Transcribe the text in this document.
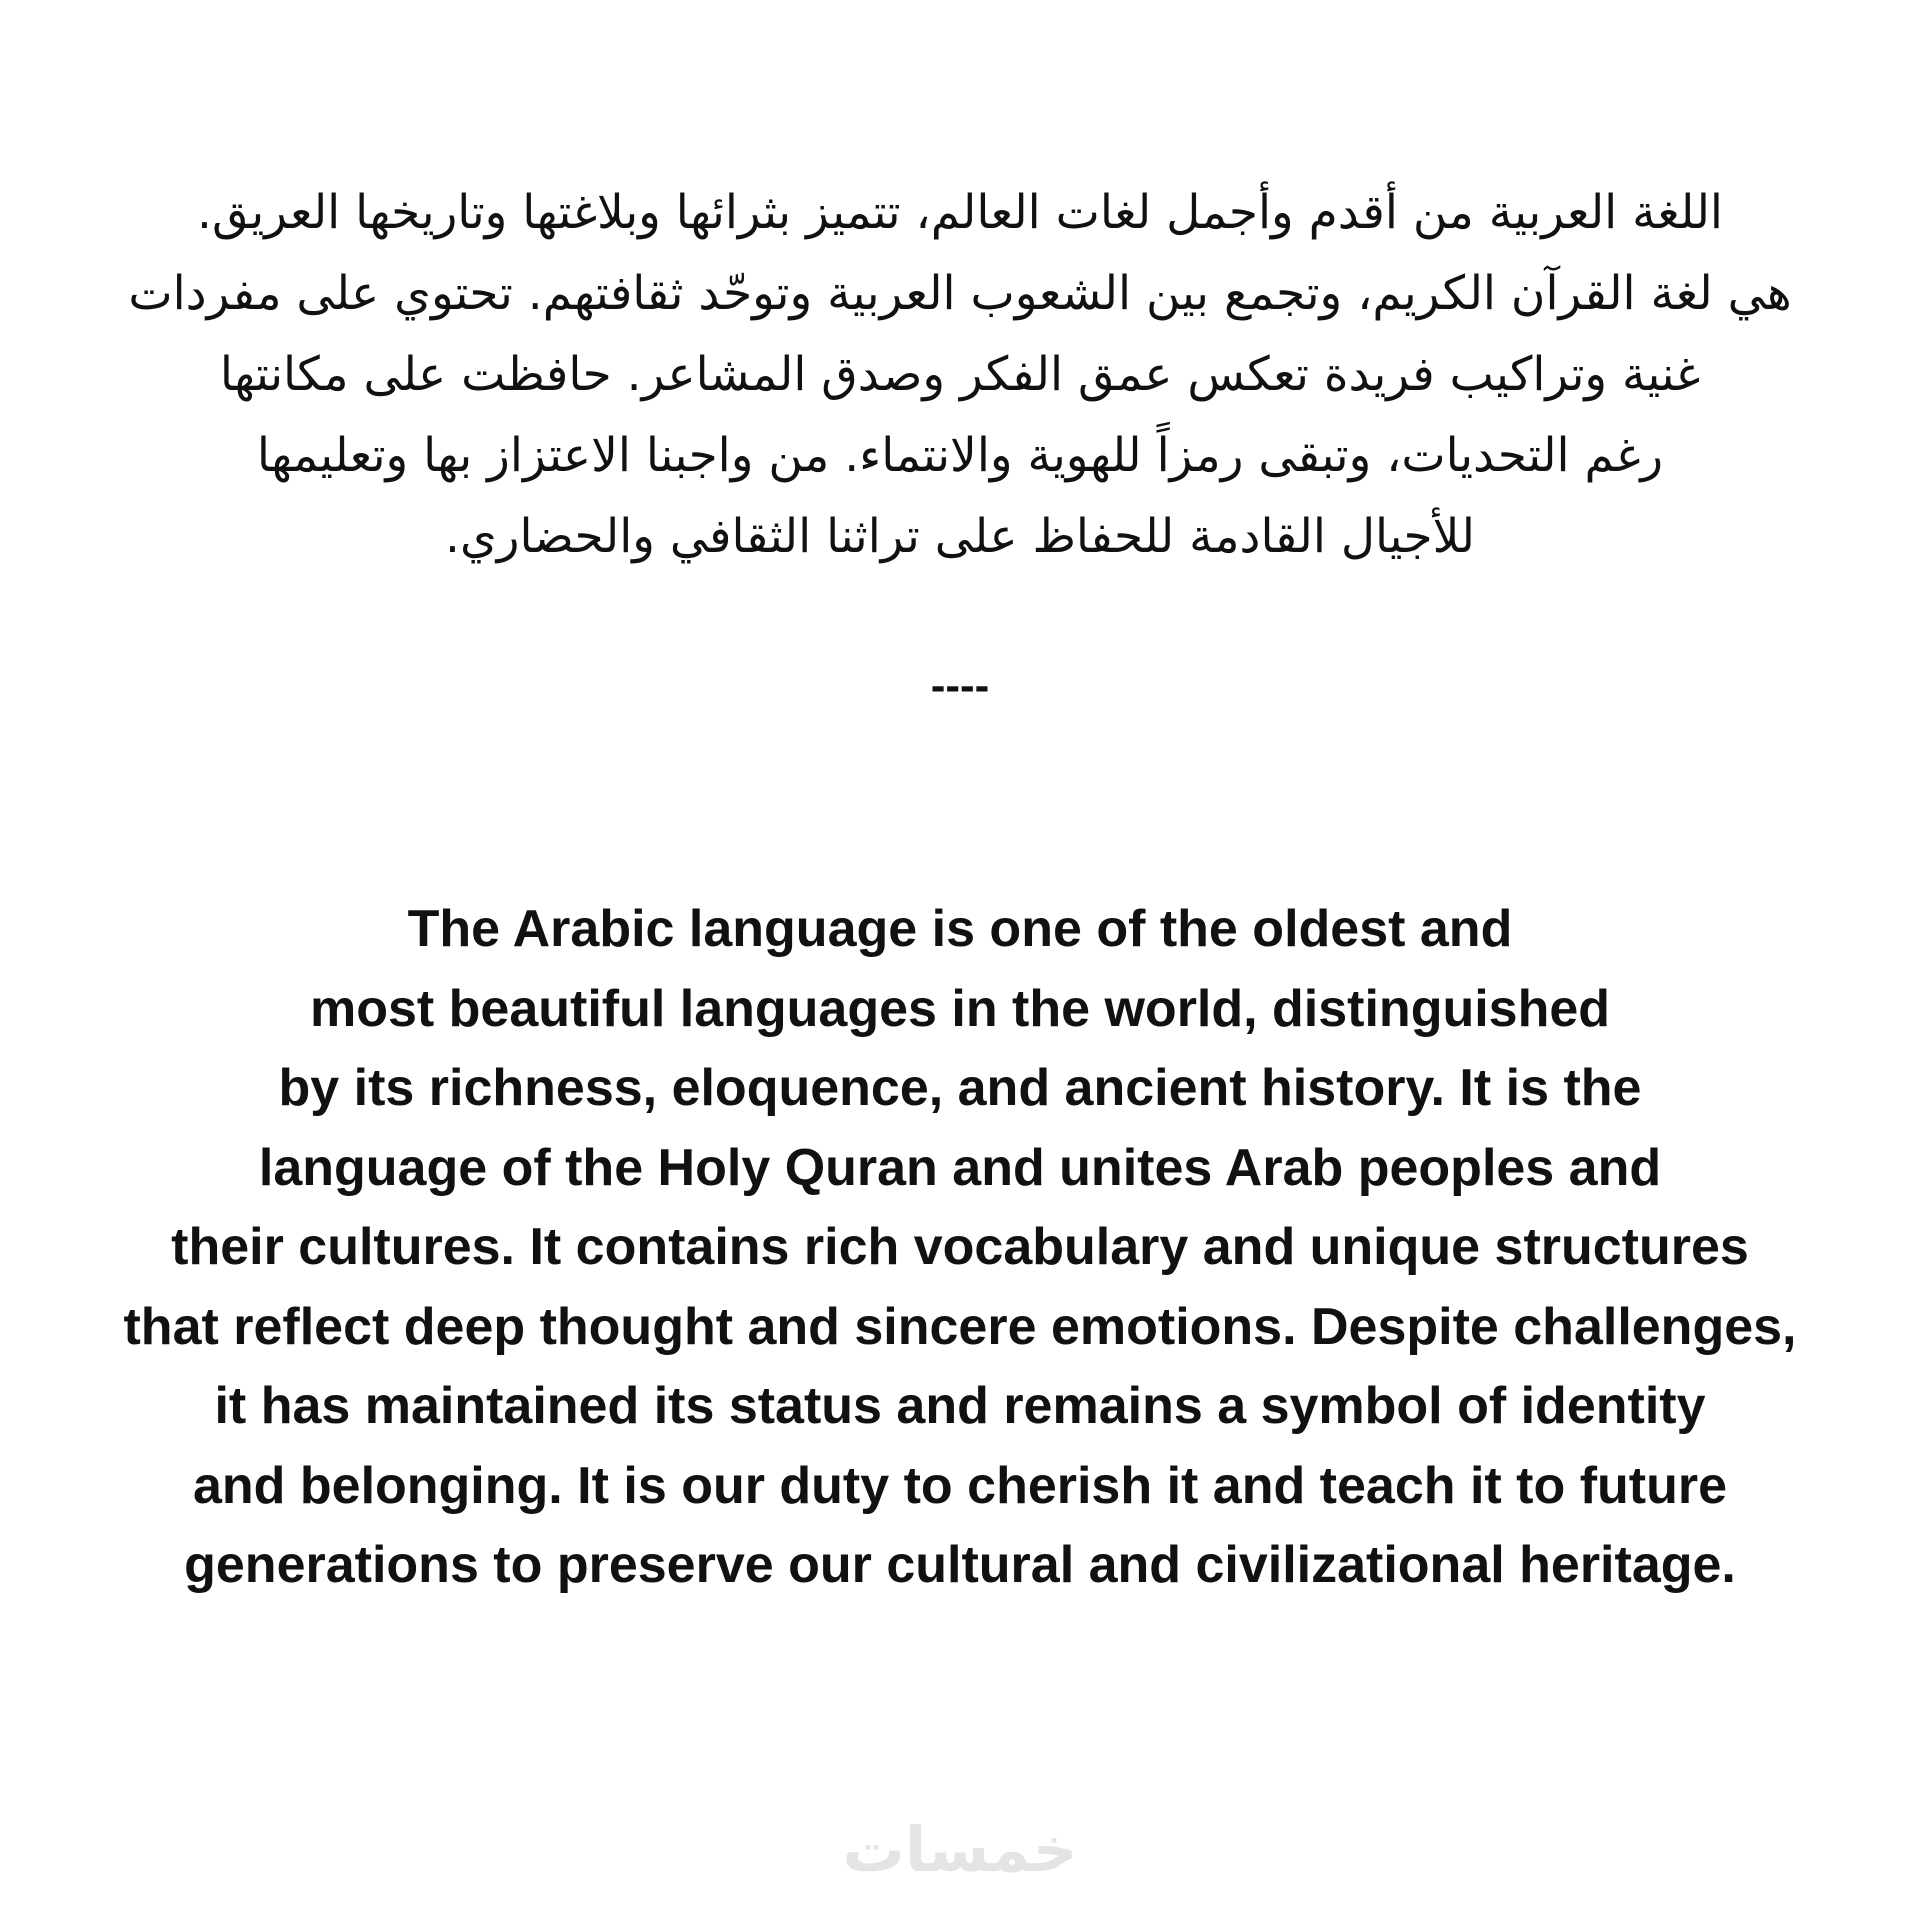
اللغة العربية من أقدم وأجمل لغات العالم، تتميز بثرائها وبلاغتها وتاريخها العريق.
هي لغة القرآن الكريم، وتجمع بين الشعوب العربية وتوحّد ثقافتهم. تحتوي على مفردات
غنية وتراكيب فريدة تعكس عمق الفكر وصدق المشاعر. حافظت على مكانتها
رغم التحديات، وتبقى رمزاً للهوية والانتماء. من واجبنا الاعتزاز بها وتعليمها
للأجيال القادمة للحفاظ على تراثنا الثقافي والحضاري.
----
The Arabic language is one of the oldest and
most beautiful languages in the world, distinguished
by its richness, eloquence, and ancient history. It is the
language of the Holy Quran and unites Arab peoples and
their cultures. It contains rich vocabulary and unique structures
that reflect deep thought and sincere emotions. Despite challenges,
it has maintained its status and remains a symbol of identity
and belonging. It is our duty to cherish it and teach it to future
generations to preserve our cultural and civilizational heritage.
خمسات
